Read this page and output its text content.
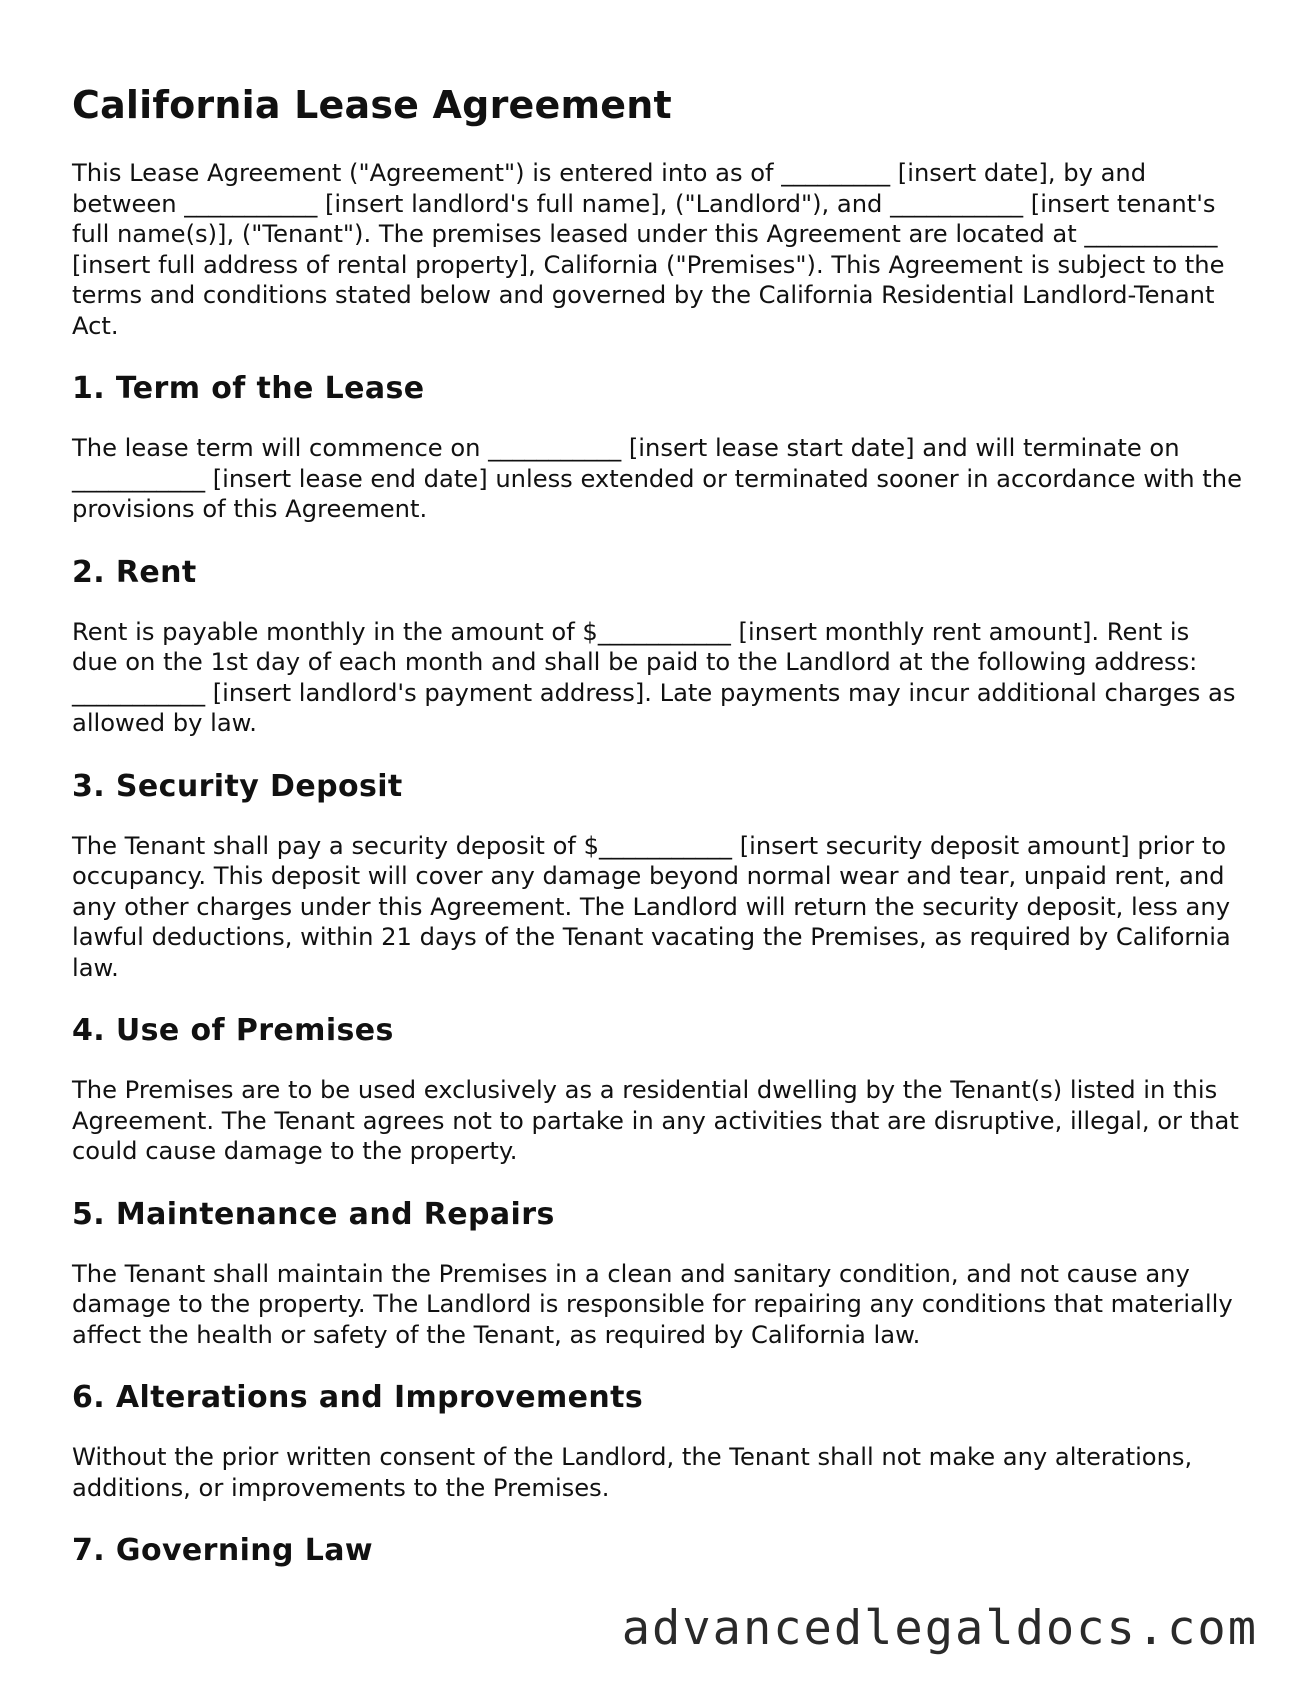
California Lease Agreement

This Lease Agreement ("Agreement") is entered into as of _________ [insert date], by and between ___________ [insert landlord's full name], ("Landlord"), and ___________ [insert tenant's full name(s)], ("Tenant"). The premises leased under this Agreement are located at ___________ [insert full address of rental property], California ("Premises"). This Agreement is subject to the terms and conditions stated below and governed by the California Residential Landlord-Tenant Act.

1. Term of the Lease

The lease term will commence on ___________ [insert lease start date] and will terminate on ___________ [insert lease end date] unless extended or terminated sooner in accordance with the provisions of this Agreement.

2. Rent

Rent is payable monthly in the amount of $___________ [insert monthly rent amount]. Rent is due on the 1st day of each month and shall be paid to the Landlord at the following address: ___________ [insert landlord's payment address]. Late payments may incur additional charges as allowed by law.

3. Security Deposit

The Tenant shall pay a security deposit of $___________ [insert security deposit amount] prior to occupancy. This deposit will cover any damage beyond normal wear and tear, unpaid rent, and any other charges under this Agreement. The Landlord will return the security deposit, less any lawful deductions, within 21 days of the Tenant vacating the Premises, as required by California law.

4. Use of Premises

The Premises are to be used exclusively as a residential dwelling by the Tenant(s) listed in this Agreement. The Tenant agrees not to partake in any activities that are disruptive, illegal, or that could cause damage to the property.

5. Maintenance and Repairs

The Tenant shall maintain the Premises in a clean and sanitary condition, and not cause any damage to the property. The Landlord is responsible for repairing any conditions that materially affect the health or safety of the Tenant, as required by California law.

6. Alterations and Improvements

Without the prior written consent of the Landlord, the Tenant shall not make any alterations, additions, or improvements to the Premises.

7. Governing Law
advancedlegaldocs.com
